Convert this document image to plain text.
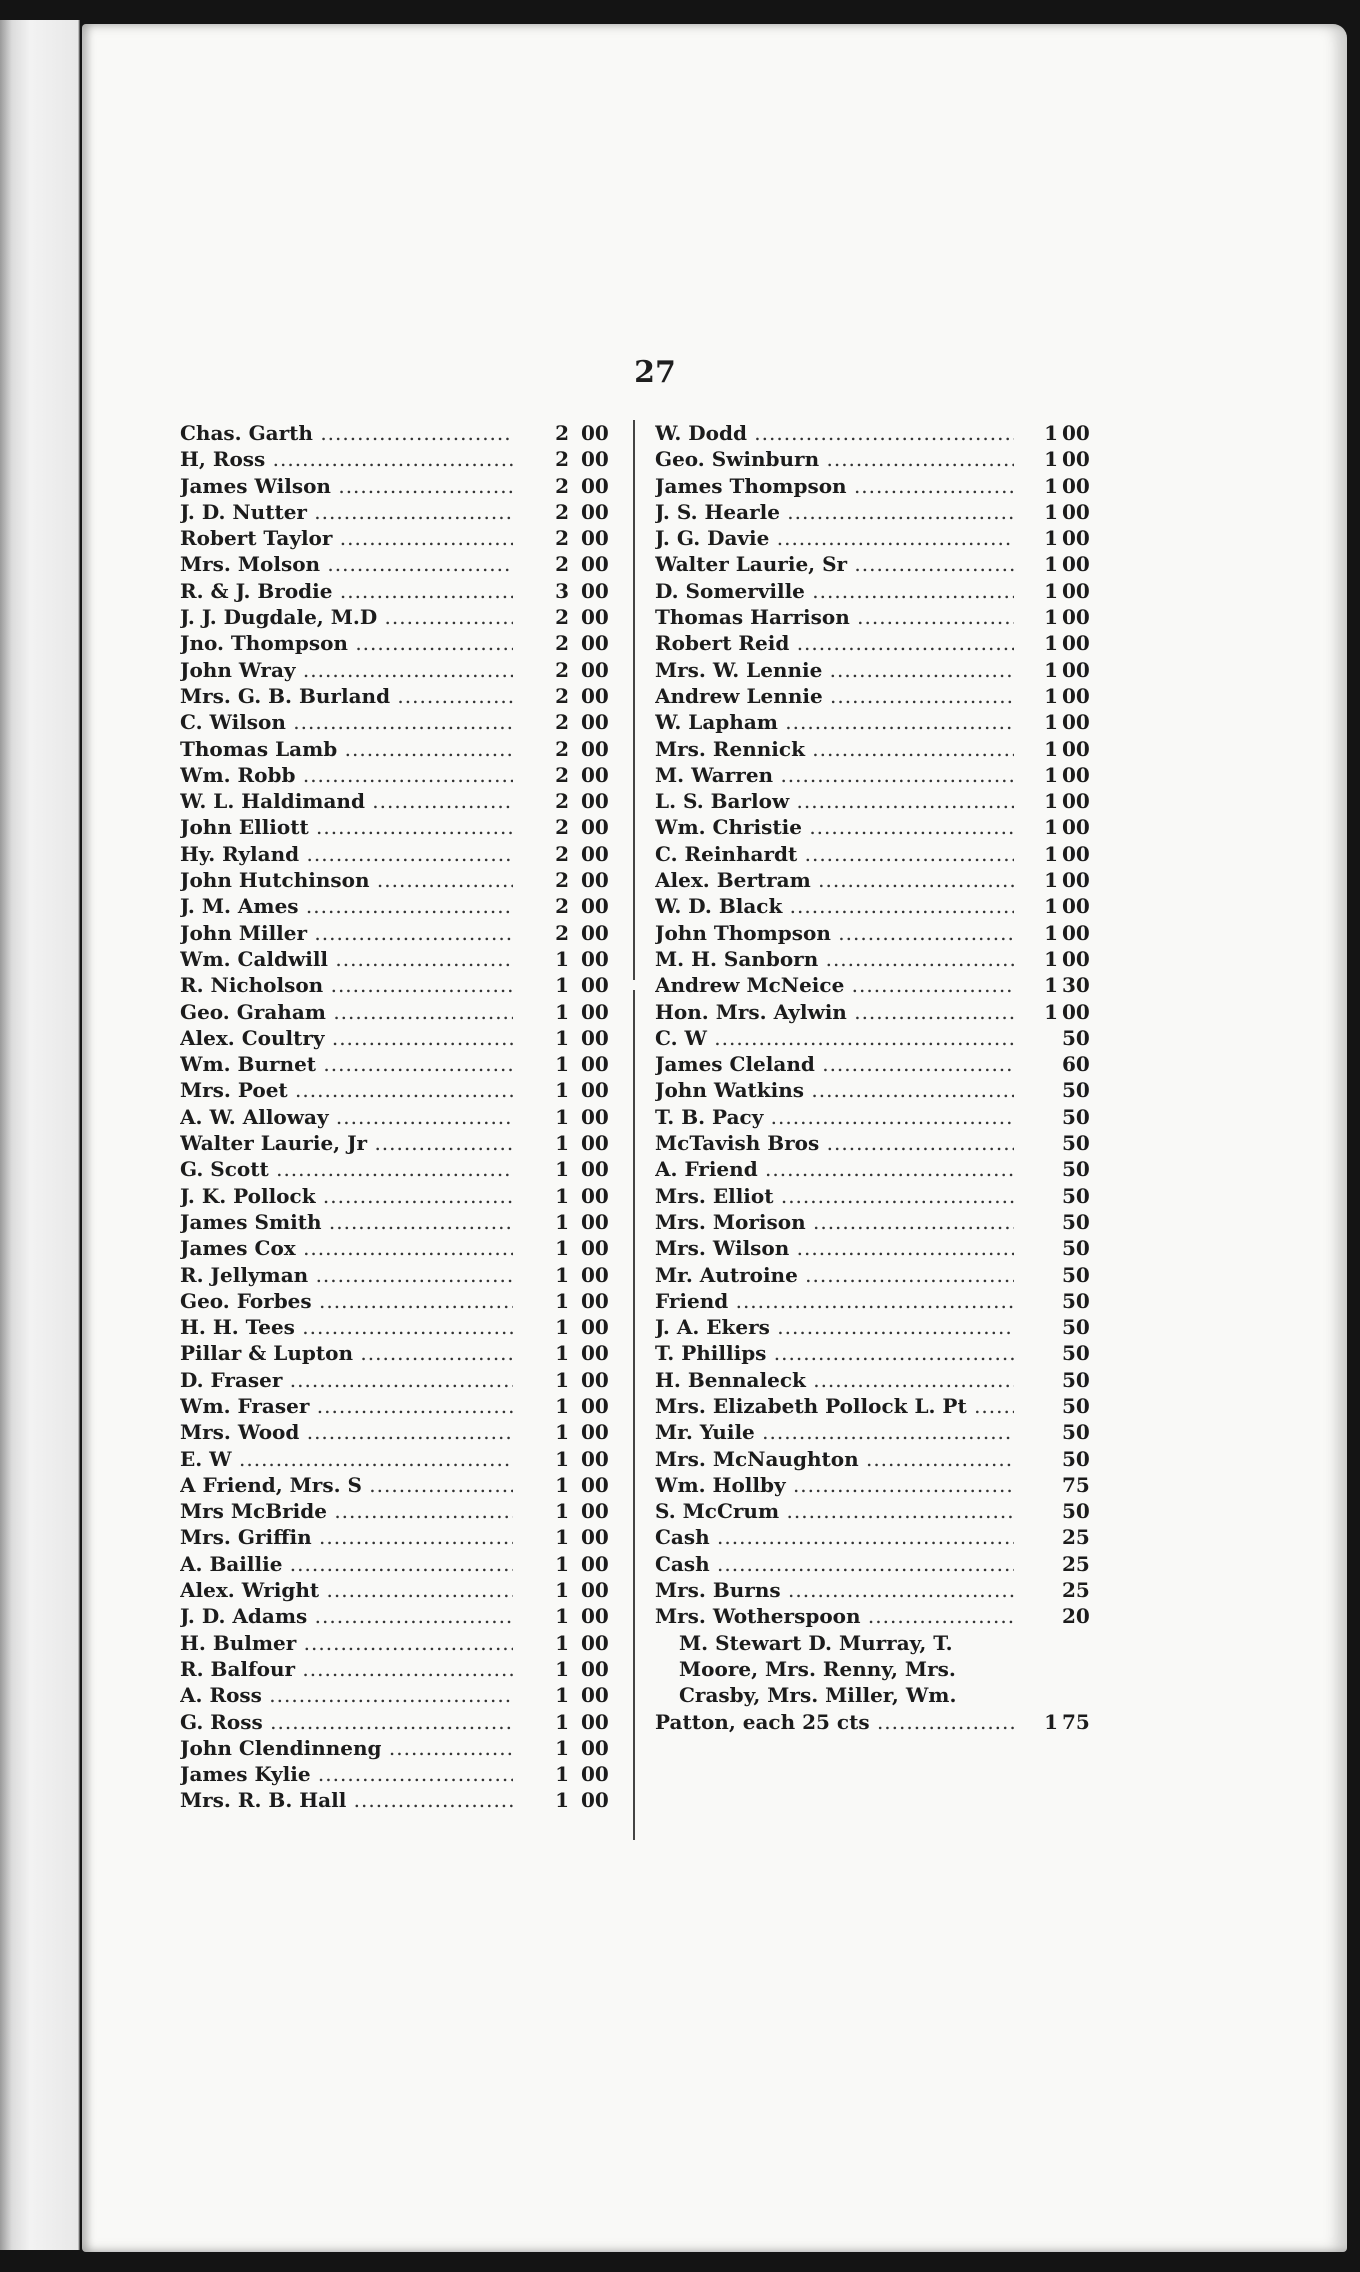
27
Chas. Garth .....	2 00
H, Ross .....	2 00
James Wilson .....	2 00
J. D. Nutter .....	2 00
Robert Taylor .....	2 00
Mrs. Molson .....	2 00
R. & J. Brodie .....	3 00
J. J. Dugdale, M.D .....	2 00
Jno. Thompson .....	2 00
John Wray .....	2 00
Mrs. G. B. Burland .....	2 00
C. Wilson .....	2 00
Thomas Lamb .....	2 00
Wm. Robb .....	2 00
W. L. Haldimand .....	2 00
John Elliott .....	2 00
Hy. Ryland .....	2 00
John Hutchinson .....	2 00
J. M. Ames .....	2 00
John Miller .....	2 00
Wm. Caldwill .....	1 00
R. Nicholson .....	1 00
Geo. Graham .....	1 00
Alex. Coultry .....	1 00
Wm. Burnet .....	1 00
Mrs. Poet .....	1 00
A. W. Alloway .....	1 00
Walter Laurie, Jr .....	1 00
G. Scott .....	1 00
J. K. Pollock .....	1 00
James Smith .....	1 00
James Cox .....	1 00
R. Jellyman .....	1 00
Geo. Forbes .....	1 00
H. H. Tees .....	1 00
Pillar & Lupton .....	1 00
D. Fraser .....	1 00
Wm. Fraser .....	1 00
Mrs. Wood .....	1 00
E. W .....	1 00
A Friend, Mrs. S .....	1 00
Mrs McBride .....	1 00
Mrs. Griffin .....	1 00
A. Baillie .....	1 00
Alex. Wright .....	1 00
J. D. Adams .....	1 00
H. Bulmer .....	1 00
R. Balfour .....	1 00
A. Ross .....	1 00
G. Ross .....	1 00
John Clendinneng .....	1 00
James Kylie .....	1 00
Mrs. R. B. Hall .....	1 00
W. Dodd .....	1 00
Geo. Swinburn .....	1 00
James Thompson .....	1 00
J. S. Hearle .....	1 00
J. G. Davie .....	1 00
Walter Laurie, Sr .....	1 00
D. Somerville .....	1 00
Thomas Harrison .....	1 00
Robert Reid .....	1 00
Mrs. W. Lennie .....	1 00
Andrew Lennie .....	1 00
W. Lapham .....	1 00
Mrs. Rennick .....	1 00
M. Warren .....	1 00
L. S. Barlow .....	1 00
Wm. Christie .....	1 00
C. Reinhardt .....	1 00
Alex. Bertram .....	1 00
W. D. Black .....	1 00
John Thompson .....	1 00
M. H. Sanborn .....	1 00
Andrew McNeice .....	1 30
Hon. Mrs. Aylwin .....	1 00
C. W .....	50
James Cleland .....	60
John Watkins .....	50
T. B. Pacy .....	50
McTavish Bros .....	50
A. Friend .....	50
Mrs. Elliot .....	50
Mrs. Morison .....	50
Mrs. Wilson .....	50
Mr. Autroine .....	50
Friend .....	50
J. A. Ekers .....	50
T. Phillips .....	50
H. Bennaleck .....	50
Mrs. Elizabeth Pollock L. Pt .....	50
Mr. Yuile .....	50
Mrs. McNaughton .....	50
Wm. Hollby .....	75
S. McCrum .....	50
Cash .....	25
Cash .....	25
Mrs. Burns .....	25
Mrs. Wotherspoon .....	20
M. Stewart D. Murray, T.
Moore, Mrs. Renny, Mrs.
Crasby, Mrs. Miller, Wm.
Patton, each 25 cts .....	1 75
